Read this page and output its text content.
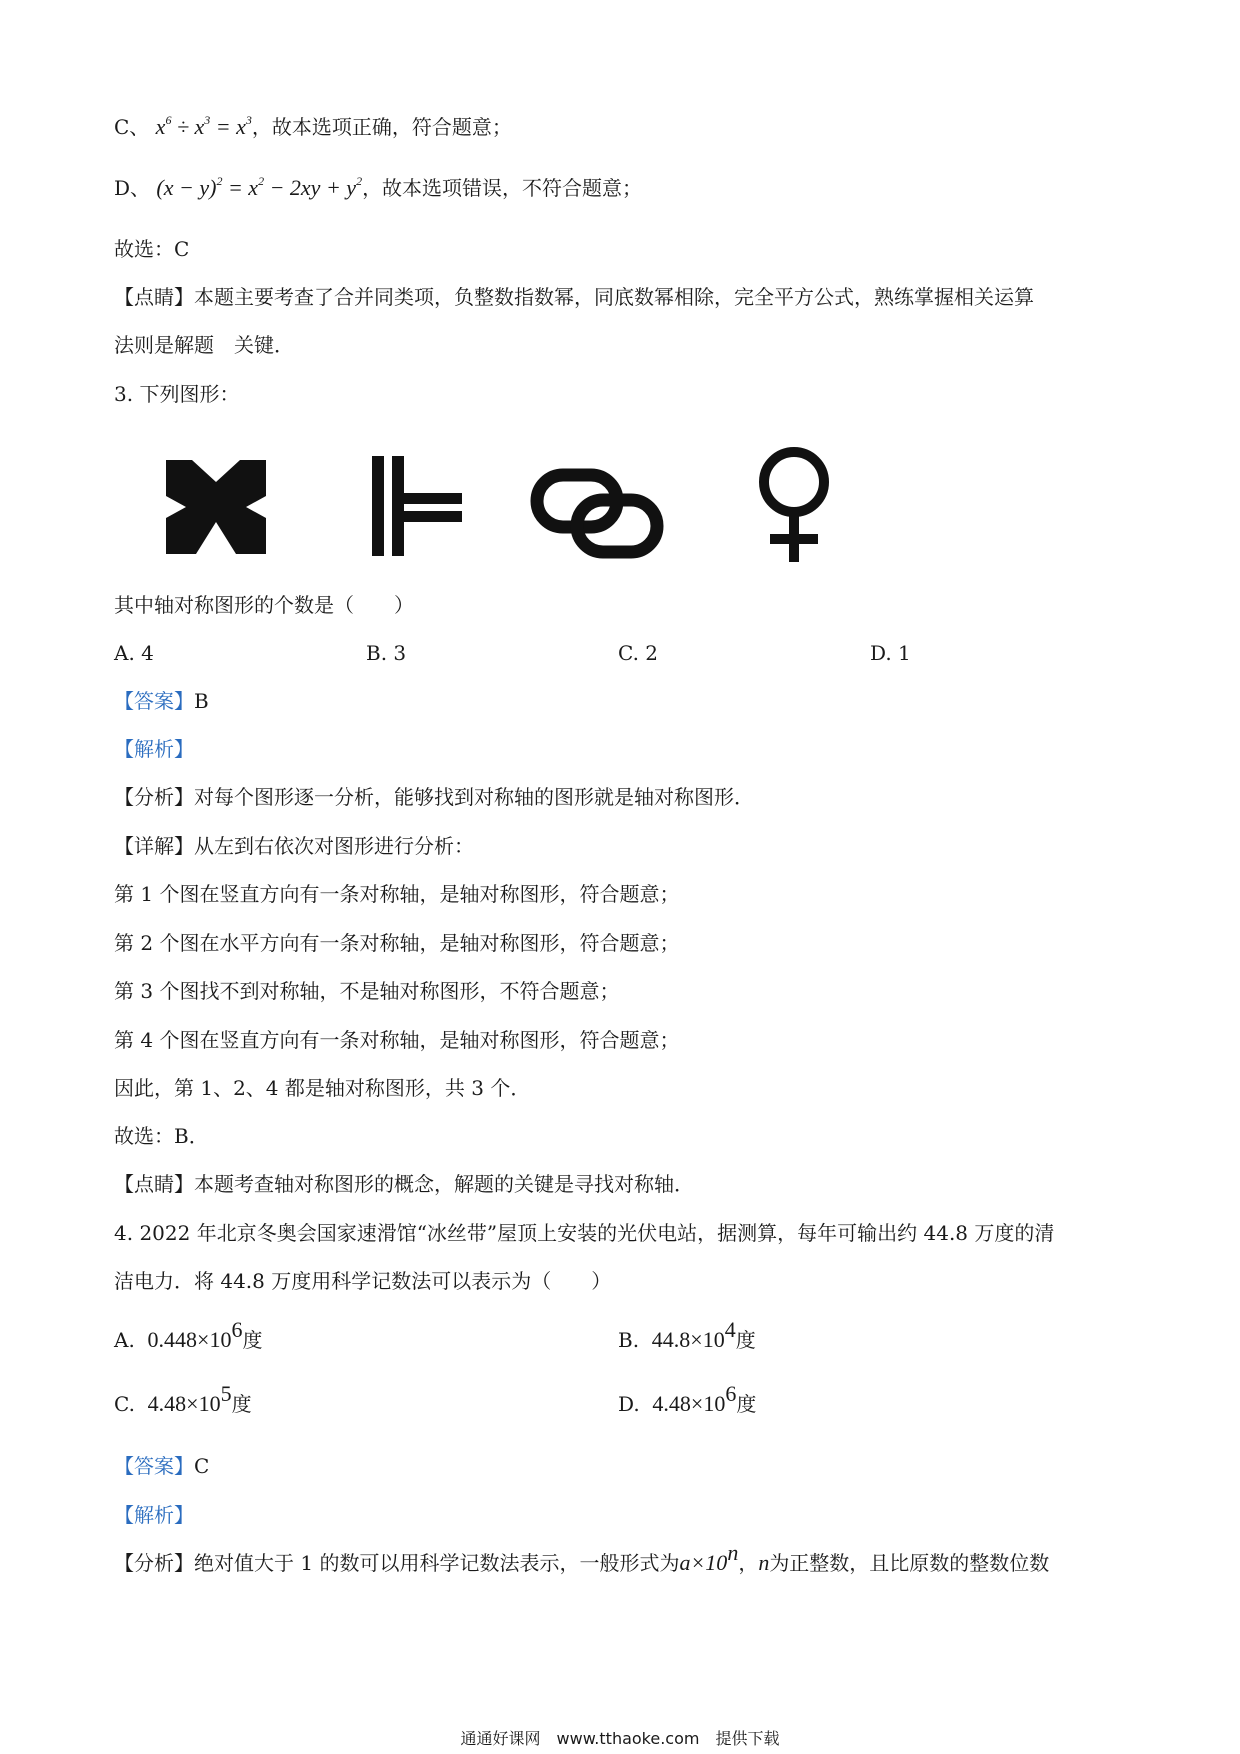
C、 $x^6 \div x^3 = x^3$，故本选项正确，符合题意；
D、 $(x - y)^2 = x^2 - 2xy + y^2$，故本选项错误，不符合题意；
故选：C
【点睛】本题主要考查了合并同类项，负整数指数幂，同底数幂相除，完全平方公式，熟练掌握相关运算
法则是解题　关键．
3. 下列图形：
其中轴对称图形的个数是（　　）
A. 4	B. 3	C. 2	D. 1
【答案】B
【解析】
【分析】对每个图形逐一分析，能够找到对称轴的图形就是轴对称图形．
【详解】从左到右依次对图形进行分析：
第 1 个图在竖直方向有一条对称轴，是轴对称图形，符合题意；
第 2 个图在水平方向有一条对称轴，是轴对称图形，符合题意；
第 3 个图找不到对称轴，不是轴对称图形，不符合题意；
第 4 个图在竖直方向有一条对称轴，是轴对称图形，符合题意；
因此，第 1、2、4 都是轴对称图形，共 3 个．
故选：B．
【点睛】本题考查轴对称图形的概念，解题的关键是寻找对称轴．
4. 2022 年北京冬奥会国家速滑馆“冰丝带”屋顶上安装的光伏电站，据测算，每年可输出约 44.8 万度的清
洁电力．将 44.8 万度用科学记数法可以表示为（　　）
A. $0.448\times 10^6$度	B. $44.8\times 10^4$度
C. $4.48\times 10^5$度	D. $4.48\times 10^6$度
【答案】C
【解析】
【分析】绝对值大于 1 的数可以用科学记数法表示，一般形式为$a\times 10^n$，n为正整数，且比原数的整数位数
通通好课网　www.tthaoke.com　提供下载
